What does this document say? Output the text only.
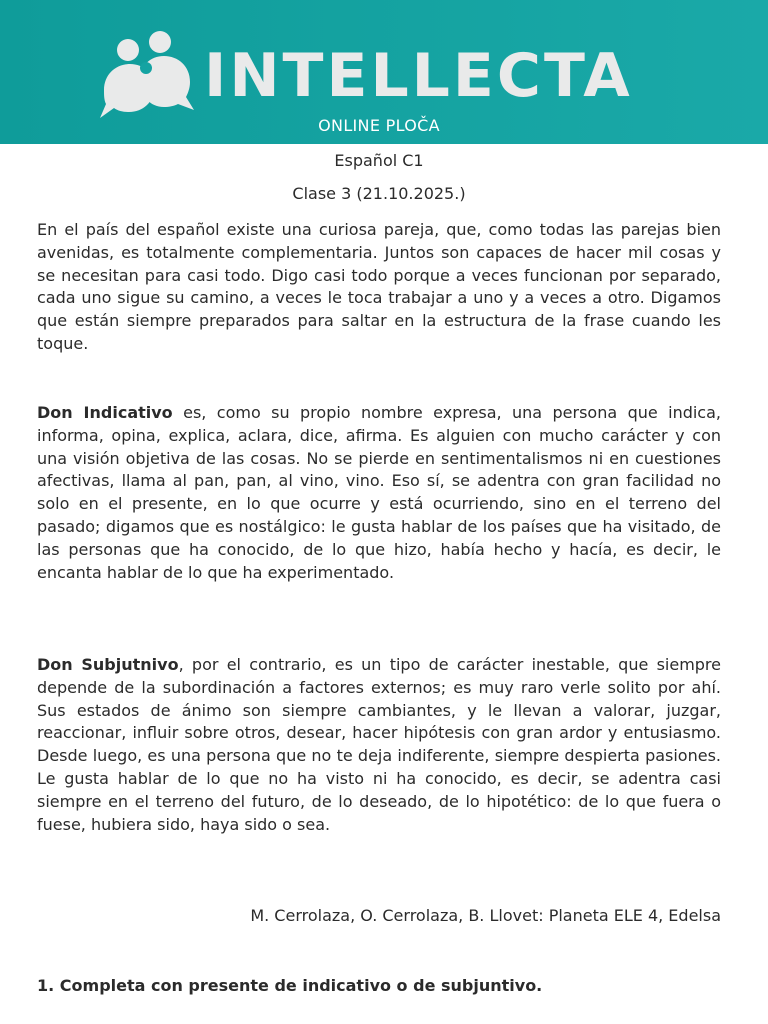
INTELLECTA
ONLINE PLOČA
Español C1
Clase 3 (21.10.2025.)

En el país del español existe una curiosa pareja, que, como todas las parejas bien avenidas, es totalmente complementaria. Juntos son capaces de hacer mil cosas y se necesitan para casi todo. Digo casi todo porque a veces funcionan por separado, cada uno sigue su camino, a veces le toca trabajar a uno y a veces a otro. Digamos que están siempre preparados para saltar en la estructura de la frase cuando les toque.

Don Indicativo es, como su propio nombre expresa, una persona que indica, informa, opina, explica, aclara, dice, afirma. Es alguien con mucho carácter y con una visión objetiva de las cosas. No se pierde en sentimentalismos ni en cuestiones afectivas, llama al pan, pan, al vino, vino. Eso sí, se adentra con gran facilidad no solo en el presente, en lo que ocurre y está ocurriendo, sino en el terreno del pasado; digamos que es nostálgico: le gusta hablar de los países que ha visitado, de las personas que ha conocido, de lo que hizo, había hecho y hacía, es decir, le encanta hablar de lo que ha experimentado.

Don Subjutnivo, por el contrario, es un tipo de carácter inestable, que siempre depende de la subordinación a factores externos; es muy raro verle solito por ahí. Sus estados de ánimo son siempre cambiantes, y le llevan a valorar, juzgar, reaccionar, influir sobre otros, desear, hacer hipótesis con gran ardor y entusiasmo. Desde luego, es una persona que no te deja indiferente, siempre despierta pasiones. Le gusta hablar de lo que no ha visto ni ha conocido, es decir, se adentra casi siempre en el terreno del futuro, de lo deseado, de lo hipotético: de lo que fuera o fuese, hubiera sido, haya sido o sea.

M. Cerrolaza, O. Cerrolaza, B. Llovet: Planeta ELE 4, Edelsa
1. Completa con presente de indicativo o de subjuntivo.
